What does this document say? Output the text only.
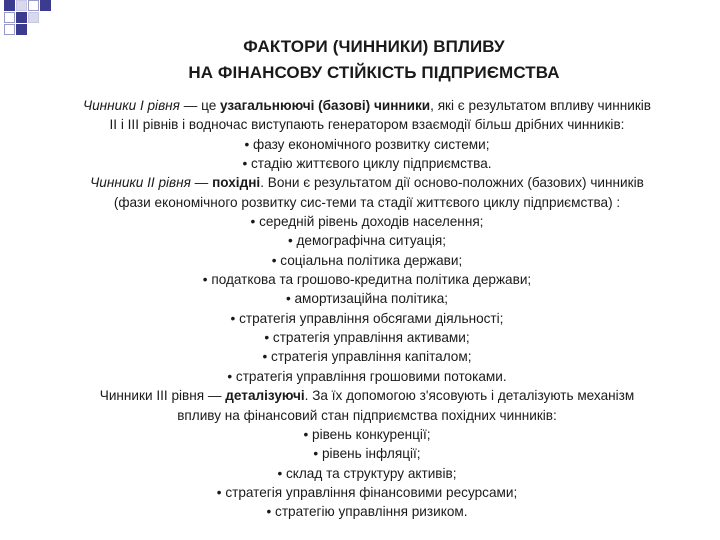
ФАКТОРИ (ЧИННИКИ) ВПЛИВУ
НА ФІНАНСОВУ СТІЙКІСТЬ ПІДПРИЄМСТВА
Чинники І рівня — це узагальнюючі (базові) чинники, які є результатом впливу чинників
II і III рівнів і водночас виступають генератором взаємодії більш дрібних чинників:
• фазу економічного розвитку системи;
• стадію життєвого циклу підприємства.
Чинники ІІ рівня — похідні. Вони є результатом дії осново-положних (базових) чинників
(фази економічного розвитку сис-теми та стадії життєвого циклу підприємства) :
• середній рівень доходів населення;
• демографічна ситуація;
• соціальна політика держави;
• податкова та грошово-кредитна політика держави;
• амортизаційна політика;
• стратегія управління обсягами діяльності;
• стратегія управління активами;
• стратегія управління капіталом;
• стратегія управління грошовими потоками.
Чинники ІІІ рівня — деталізуючі. За їх допомогою з'ясовують і деталізують механізм
впливу на фінансовий стан підприємства похідних чинників:
• рівень конкуренції;
• рівень інфляції;
• склад та структуру активів;
• стратегія управління фінансовими ресурсами;
• стратегію управління ризиком.
